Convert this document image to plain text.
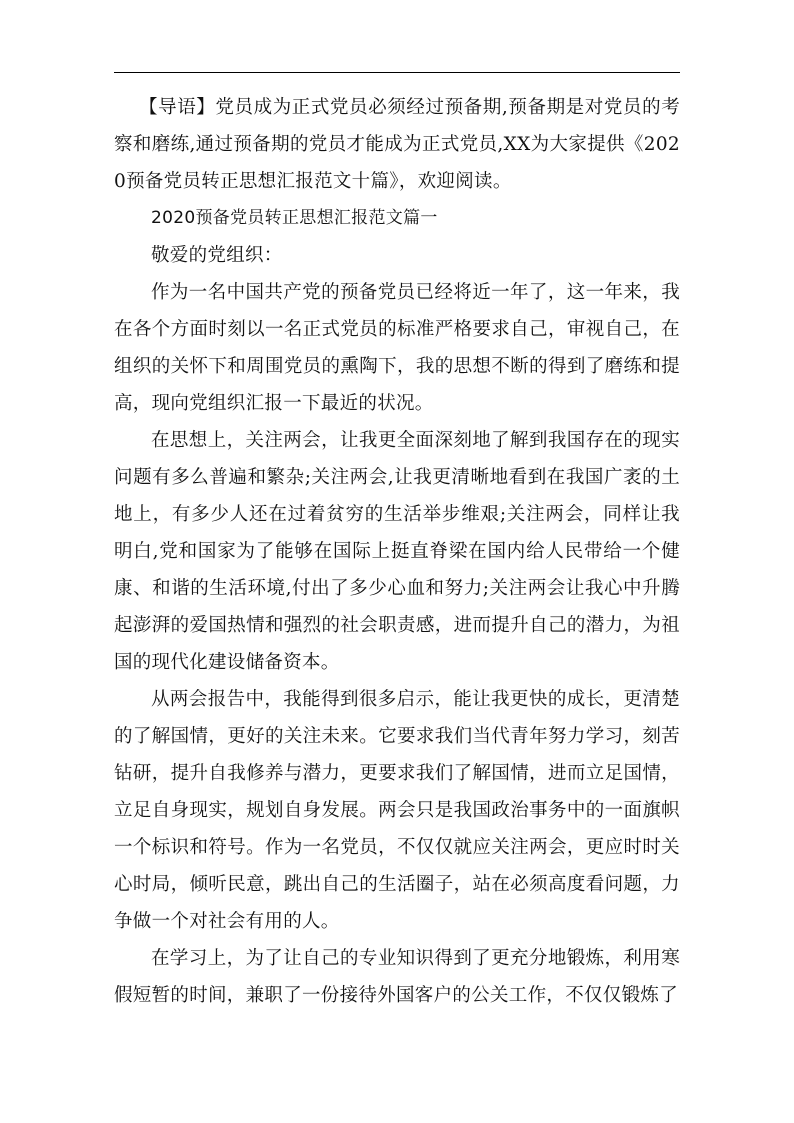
【导语】党员成为正式党员必须经过预备期,预备期是对党员的考察和磨练,通过预备期的党员才能成为正式党员,XX为大家提供《2020预备党员转正思想汇报范文十篇》，欢迎阅读。

2020预备党员转正思想汇报范文篇一

敬爱的党组织：

作为一名中国共产党的预备党员已经将近一年了，这一年来，我在各个方面时刻以一名正式党员的标准严格要求自己，审视自己，在组织的关怀下和周围党员的熏陶下，我的思想不断的得到了磨练和提高，现向党组织汇报一下最近的状况。

在思想上，关注两会，让我更全面深刻地了解到我国存在的现实问题有多么普遍和繁杂;关注两会,让我更清晰地看到在我国广袤的土地上，有多少人还在过着贫穷的生活举步维艰;关注两会，同样让我明白,党和国家为了能够在国际上挺直脊梁在国内给人民带给一个健康、和谐的生活环境,付出了多少心血和努力;关注两会让我心中升腾起澎湃的爱国热情和强烈的社会职责感，进而提升自己的潜力，为祖国的现代化建设储备资本。

从两会报告中，我能得到很多启示，能让我更快的成长，更清楚的了解国情，更好的关注未来。它要求我们当代青年努力学习，刻苦钻研，提升自我修养与潜力，更要求我们了解国情，进而立足国情，立足自身现实，规划自身发展。两会只是我国政治事务中的一面旗帜一个标识和符号。作为一名党员，不仅仅就应关注两会，更应时时关心时局，倾听民意，跳出自己的生活圈子，站在必须高度看问题，力争做一个对社会有用的人。

在学习上，为了让自己的专业知识得到了更充分地锻炼，利用寒假短暂的时间，兼职了一份接待外国客户的公关工作，不仅仅锻炼了
